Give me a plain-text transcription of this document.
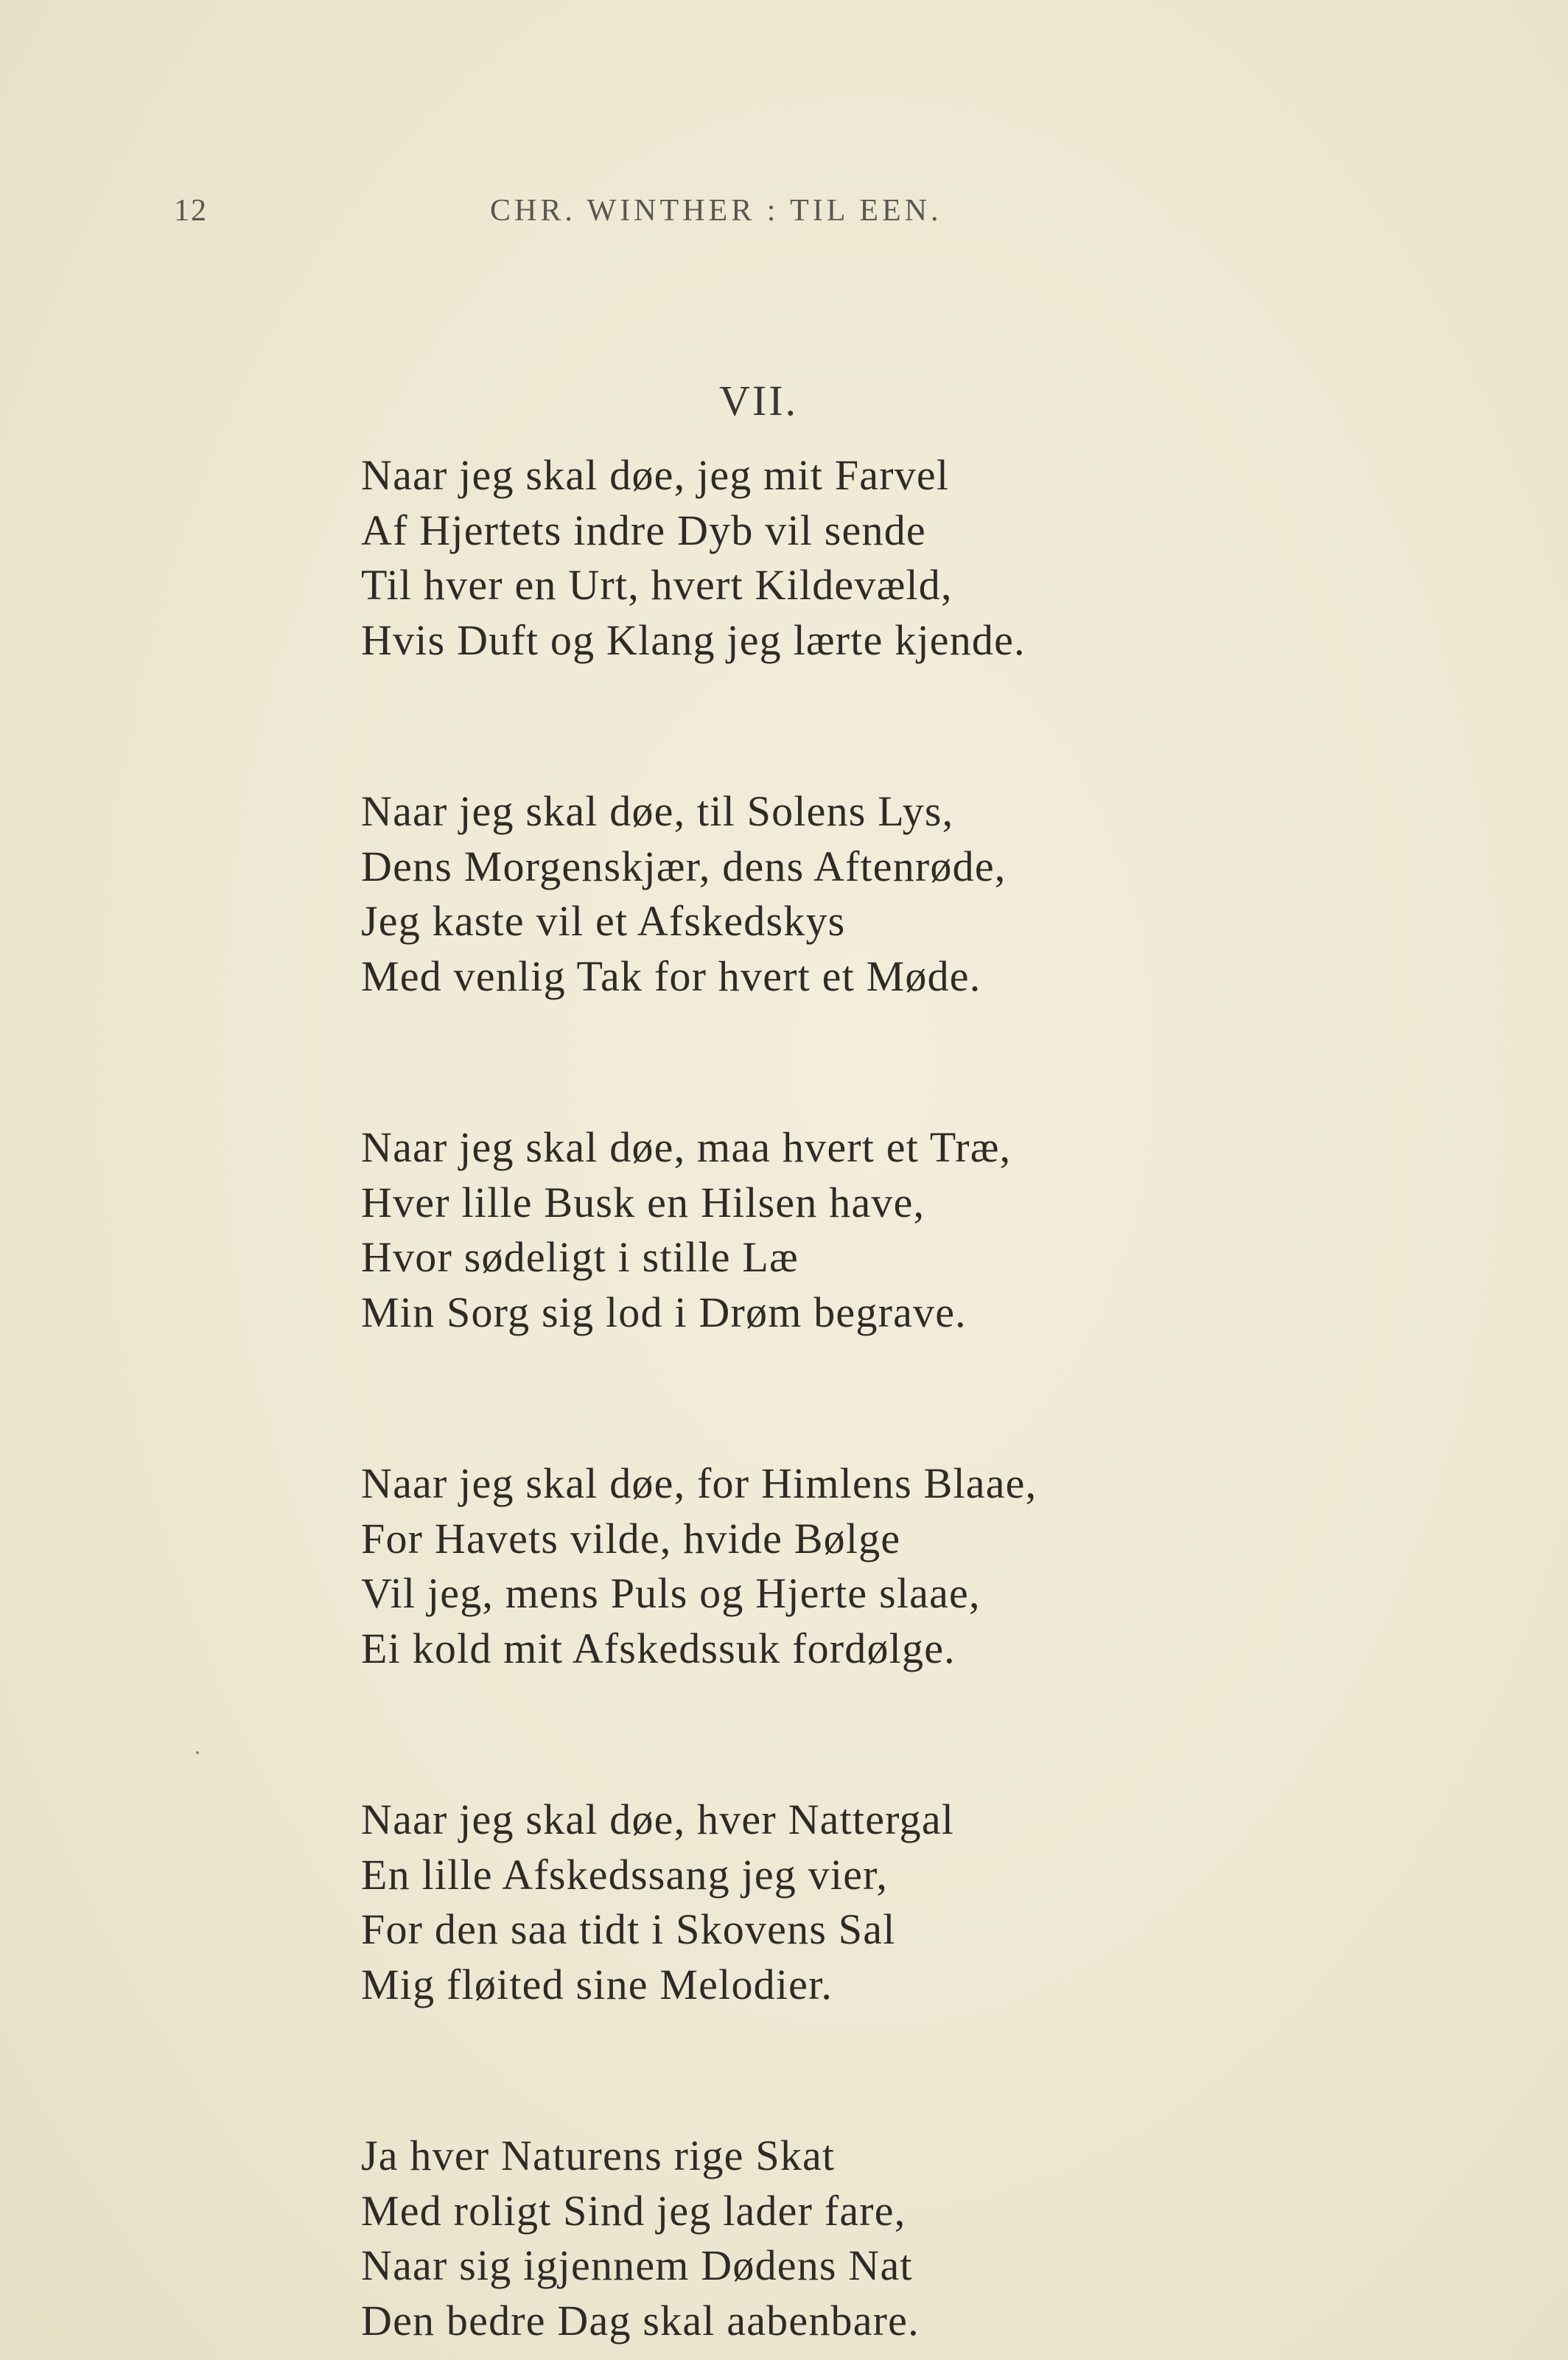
12	CHR. WINTHER : TIL EEN.
VII.
Naar jeg skal døe, jeg mit Farvel
Af Hjertets indre Dyb vil sende
Til hver en Urt, hvert Kildevæld,
Hvis Duft og Klang jeg lærte kjende.
Naar jeg skal døe, til Solens Lys,
Dens Morgenskjær, dens Aftenrøde,
Jeg kaste vil et Afskedskys
Med venlig Tak for hvert et Møde.
Naar jeg skal døe, maa hvert et Træ,
Hver lille Busk en Hilsen have,
Hvor sødeligt i stille Læ
Min Sorg sig lod i Drøm begrave.
Naar jeg skal døe, for Himlens Blaae,
For Havets vilde, hvide Bølge
Vil jeg, mens Puls og Hjerte slaae,
Ei kold mit Afskedssuk fordølge.
Naar jeg skal døe, hver Nattergal
En lille Afskedssang jeg vier,
For den saa tidt i Skovens Sal
Mig fløited sine Melodier.
Ja hver Naturens rige Skat
Med roligt Sind jeg lader fare,
Naar sig igjennem Dødens Nat
Den bedre Dag skal aabenbare.
